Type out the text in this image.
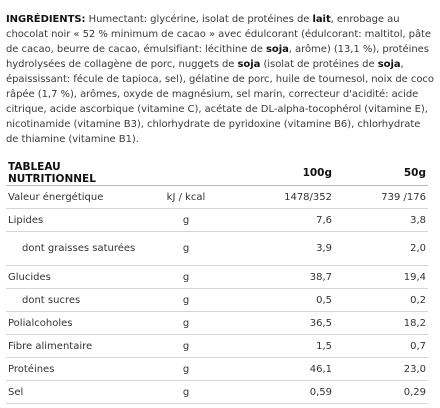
INGRÉDIENTS: Humectant: glycérine, isolat de protéines de lait, enrobage au chocolat noir « 52 % minimum de cacao » avec édulcorant (édulcorant: maltitol, pâte de cacao, beurre de cacao, émulsifiant: lécithine de soja, arôme) (13,1 %), protéines hydrolysées de collagène de porc, nuggets de soja (isolat de protéines de soja, épaississant: fécule de tapioca, sel), gélatine de porc, huile de tournesol, noix de coco râpée (1,7 %), arômes, oxyde de magnésium, sel marin, correcteur d'acidité: acide citrique, acide ascorbique (vitamine C), acétate de DL-alpha-tocophérol (vitamine E), nicotinamide (vitamine B3), chlorhydrate de pyridoxine (vitamine B6), chlorhydrate de thiamine (vitamine B1).

TABLEAU NUTRITIONNEL		100g	50g
Valeur énergétique	kJ / kcal	1478/352	739 /176
Lipides	g	7,6	3,8
dont graisses saturées	g	3,9	2,0
Glucides	g	38,7	19,4
dont sucres	g	0,5	0,2
Polialcoholes	g	36,5	18,2
Fibre alimentaire	g	1,5	0,7
Protéines	g	46,1	23,0
Sel	g	0,59	0,29
